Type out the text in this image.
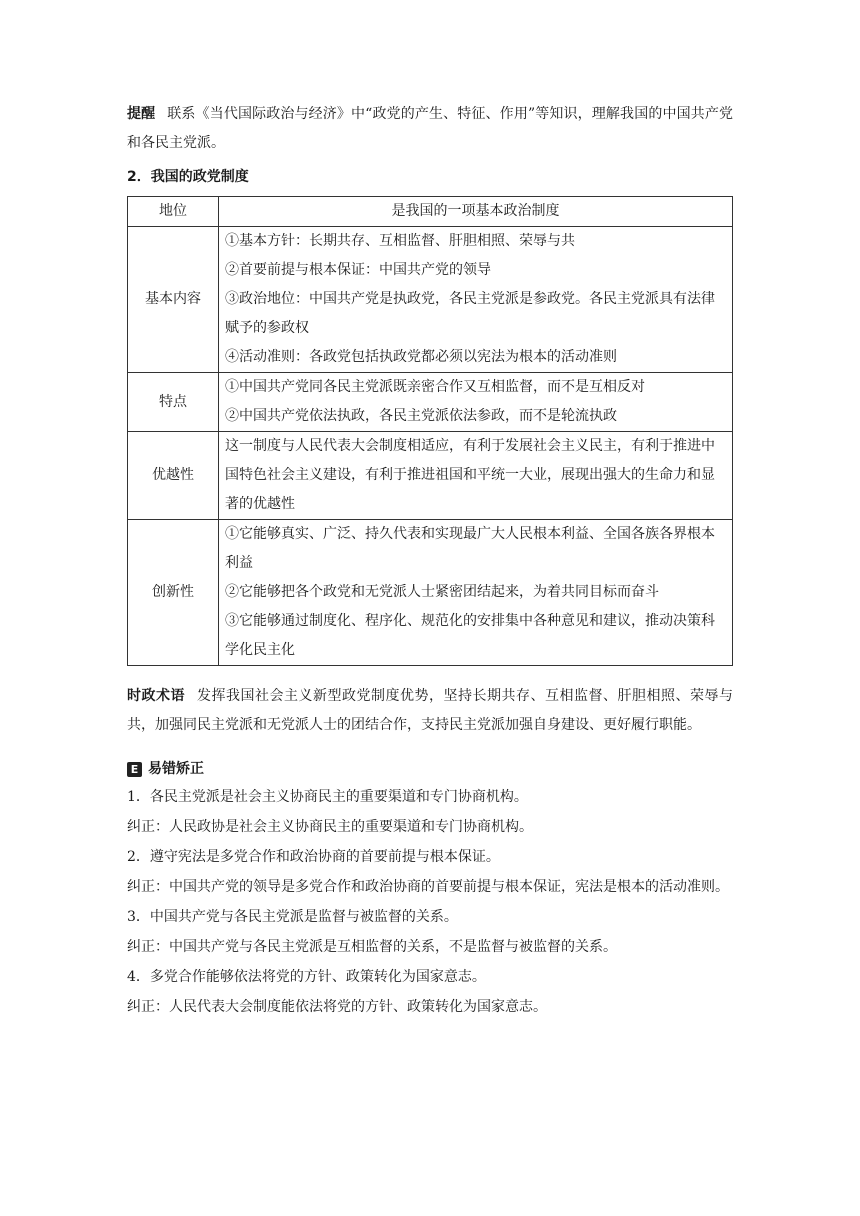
提醒 联系《当代国际政治与经济》中“政党的产生、特征、作用”等知识，理解我国的中国共产党和各民主党派。

2．我国的政党制度

地位	是我国的一项基本政治制度
基本内容	①基本方针：长期共存、互相监督、肝胆相照、荣辱与共

②首要前提与根本保证：中国共产党的领导

③政治地位：中国共产党是执政党，各民主党派是参政党。各民主党派具有法律赋予的参政权

④活动准则：各政党包括执政党都必须以宪法为根本的活动准则

特点	①中国共产党同各民主党派既亲密合作又互相监督，而不是互相反对

②中国共产党依法执政，各民主党派依法参政，而不是轮流执政

优越性	这一制度与人民代表大会制度相适应，有利于发展社会主义民主，有利于推进中国特色社会主义建设，有利于推进祖国和平统一大业，展现出强大的生命力和显著的优越性

创新性	①它能够真实、广泛、持久代表和实现最广大人民根本利益、全国各族各界根本利益

②它能够把各个政党和无党派人士紧密团结起来，为着共同目标而奋斗

③它能够通过制度化、程序化、规范化的安排集中各种意见和建议，推动决策科学化民主化

时政术语 发挥我国社会主义新型政党制度优势，坚持长期共存、互相监督、肝胆相照、荣辱与共，加强同民主党派和无党派人士的团结合作，支持民主党派加强自身建设、更好履行职能。

E 易错矫正

1．各民主党派是社会主义协商民主的重要渠道和专门协商机构。

纠正：人民政协是社会主义协商民主的重要渠道和专门协商机构。

2．遵守宪法是多党合作和政治协商的首要前提与根本保证。

纠正：中国共产党的领导是多党合作和政治协商的首要前提与根本保证，宪法是根本的活动准则。

3．中国共产党与各民主党派是监督与被监督的关系。

纠正：中国共产党与各民主党派是互相监督的关系，不是监督与被监督的关系。

4．多党合作能够依法将党的方针、政策转化为国家意志。

纠正：人民代表大会制度能依法将党的方针、政策转化为国家意志。
